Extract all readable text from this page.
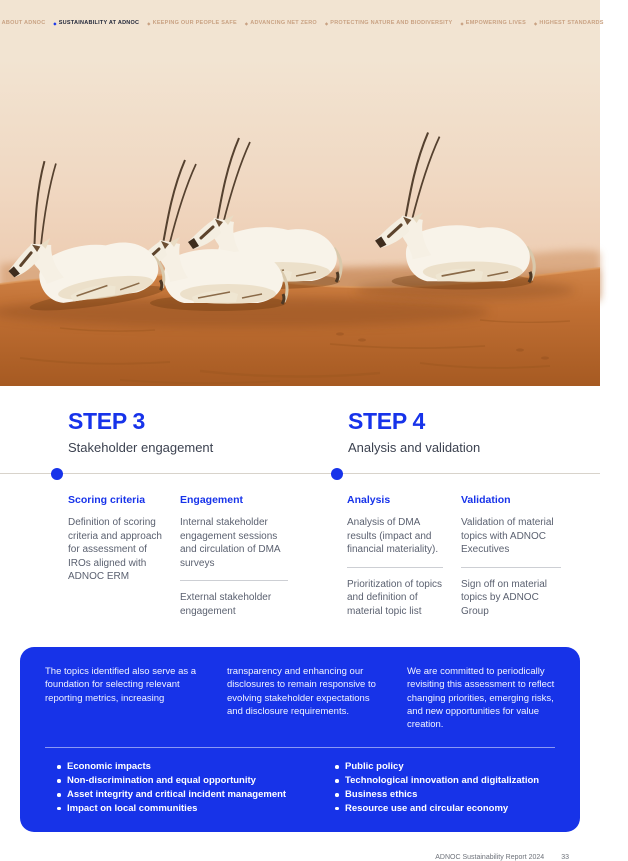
ABOUT ADNOC ◆ SUSTAINABILITY AT ADNOC ◆ KEEPING OUR PEOPLE SAFE ◆ ADVANCING NET ZERO ◆ PROTECTING NATURE AND BIODIVERSITY ◆ EMPOWERING LIVES ◆ HIGHEST STANDARDS
STEP 3
Stakeholder engagement
STEP 4
Analysis and validation
Scoring criteria
Definition of scoring criteria and approach for assessment of IROs aligned with ADNOC ERM
Engagement
Internal stakeholder engagement sessions and circulation of DMA surveys
External stakeholder engagement
Analysis
Analysis of DMA results (impact and financial materiality).
Prioritization of topics and definition of material topic list
Validation
Validation of material topics with ADNOC Executives
Sign off on material topics by ADNOC Group

The topics identified also serve as a foundation for selecting relevant reporting metrics, increasing

transparency and enhancing our disclosures to remain responsive to evolving stakeholder expectations and disclosure requirements.

We are committed to periodically revisiting this assessment to reflect changing priorities, emerging risks, and new opportunities for value creation.

Economic impacts
Non-discrimination and equal opportunity
Asset integrity and critical incident management
Impact on local communities
Public policy
Technological innovation and digitalization
Business ethics
Resource use and circular economy
ADNOC Sustainability Report 2024 33
